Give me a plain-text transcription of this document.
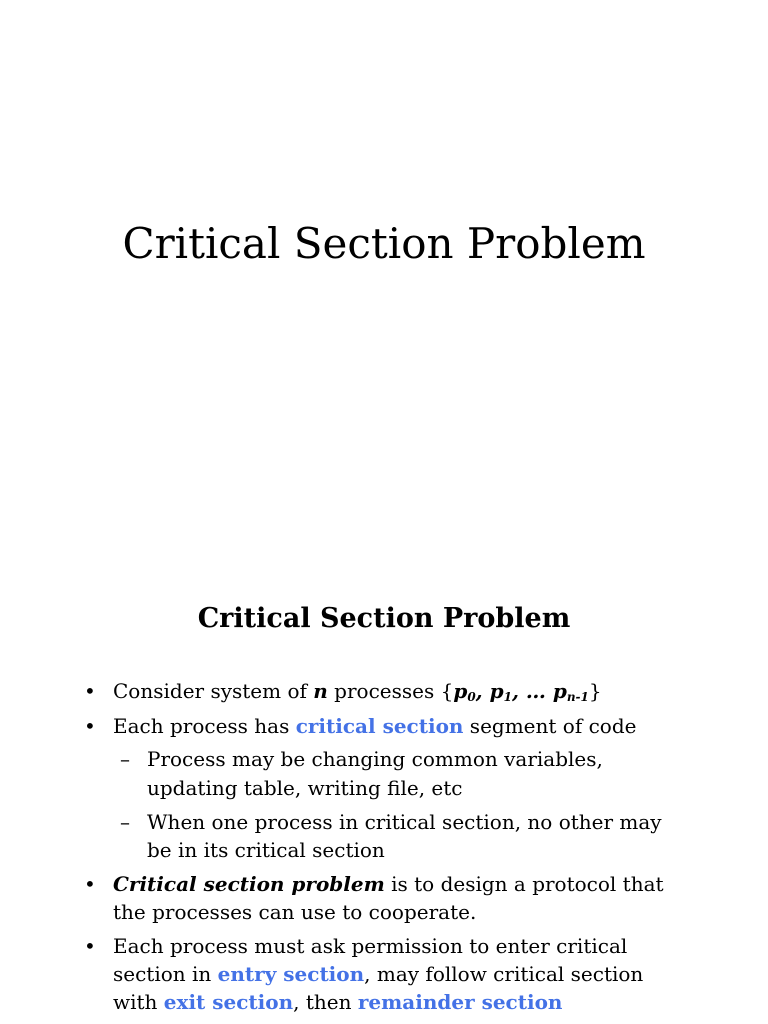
Critical Section Problem
Critical Section Problem
• Consider system of n processes {$p_0$, $p_1$, … $p_{n-1}$}
• Each process has critical section segment of code
– Process may be changing common variables,
updating table, writing file, etc
– When one process in critical section, no other may
be in its critical section
• Critical section problem is to design a protocol that
the processes can use to cooperate.
• Each process must ask permission to enter critical
section in entry section, may follow critical section
with exit section, then remainder section
